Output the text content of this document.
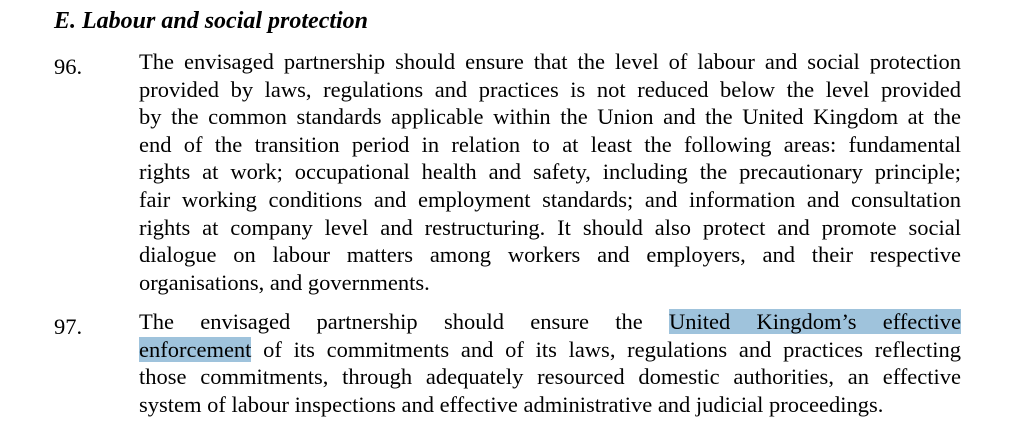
E. Labour and social protection
96.	The envisaged partnership should ensure that the level of labour and social protection
provided by laws, regulations and practices is not reduced below the level provided
by the common standards applicable within the Union and the United Kingdom at the
end of the transition period in relation to at least the following areas: fundamental
rights at work; occupational health and safety, including the precautionary principle;
fair working conditions and employment standards; and information and consultation
rights at company level and restructuring. It should also protect and promote social
dialogue on labour matters among workers and employers, and their respective
organisations, and governments.
97.	The envisaged partnership should ensure the United Kingdom’s effective
enforcement of its commitments and of its laws, regulations and practices reflecting
those commitments, through adequately resourced domestic authorities, an effective
system of labour inspections and effective administrative and judicial proceedings.
